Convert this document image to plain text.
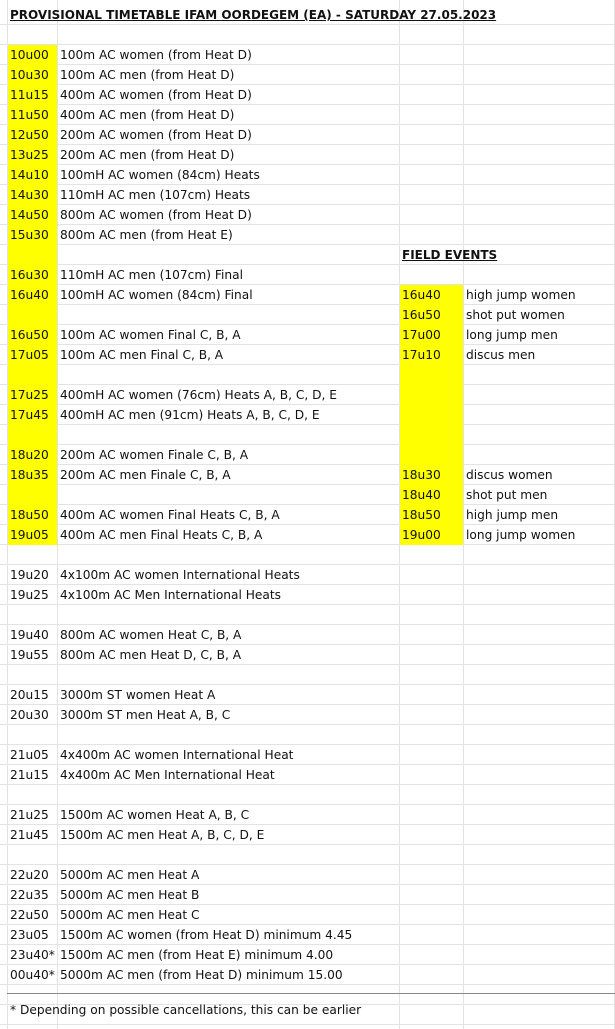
PROVISIONAL TIMETABLE IFAM OORDEGEM (EA) - SATURDAY 27.05.2023
FIELD EVENTS
10u00 100m AC women (from Heat D)
10u30 100m AC men (from Heat D)
11u15 400m AC women (from Heat D)
11u50 400m AC men (from Heat D)
12u50 200m AC women (from Heat D)
13u25 200m AC men (from Heat D)
14u10 100mH AC women (84cm) Heats
14u30 110mH AC men (107cm) Heats
14u50 800m AC women (from Heat D)
15u30 800m AC men (from Heat E)
16u30 110mH AC men (107cm) Final
16u40 100mH AC women (84cm) Final
16u50 100m AC women Final C, B, A
17u05 100m AC men Final C, B, A
17u25 400mH AC women (76cm) Heats A, B, C, D, E
17u45 400mH AC men (91cm) Heats A, B, C, D, E
18u20 200m AC women Finale C, B, A
18u35 200m AC men Finale C, B, A
18u50 400m AC women Final Heats C, B, A
19u05 400m AC men Final Heats C, B, A
19u20 4x100m AC women International Heats
19u25 4x100m AC Men International Heats
19u40 800m AC women Heat C, B, A
19u55 800m AC men Heat D, C, B, A
20u15 3000m ST women Heat A
20u30 3000m ST men Heat A, B, C
21u05 4x400m AC women International Heat
21u15 4x400m AC Men International Heat
21u25 1500m AC women Heat A, B, C
21u45 1500m AC men Heat A, B, C, D, E
22u20 5000m AC men Heat A
22u35 5000m AC men Heat B
22u50 5000m AC men Heat C
23u05 1500m AC women (from Heat D) minimum 4.45
23u40* 1500m AC men (from Heat E) minimum 4.00
00u40* 5000m AC men (from Heat D) minimum 15.00
16u40	high jump women
16u50	shot put women
17u00	long jump men
17u10	discus men
18u30	discus women
18u40	shot put men
18u50	high jump men
19u00	long jump women
* Depending on possible cancellations, this can be earlier
